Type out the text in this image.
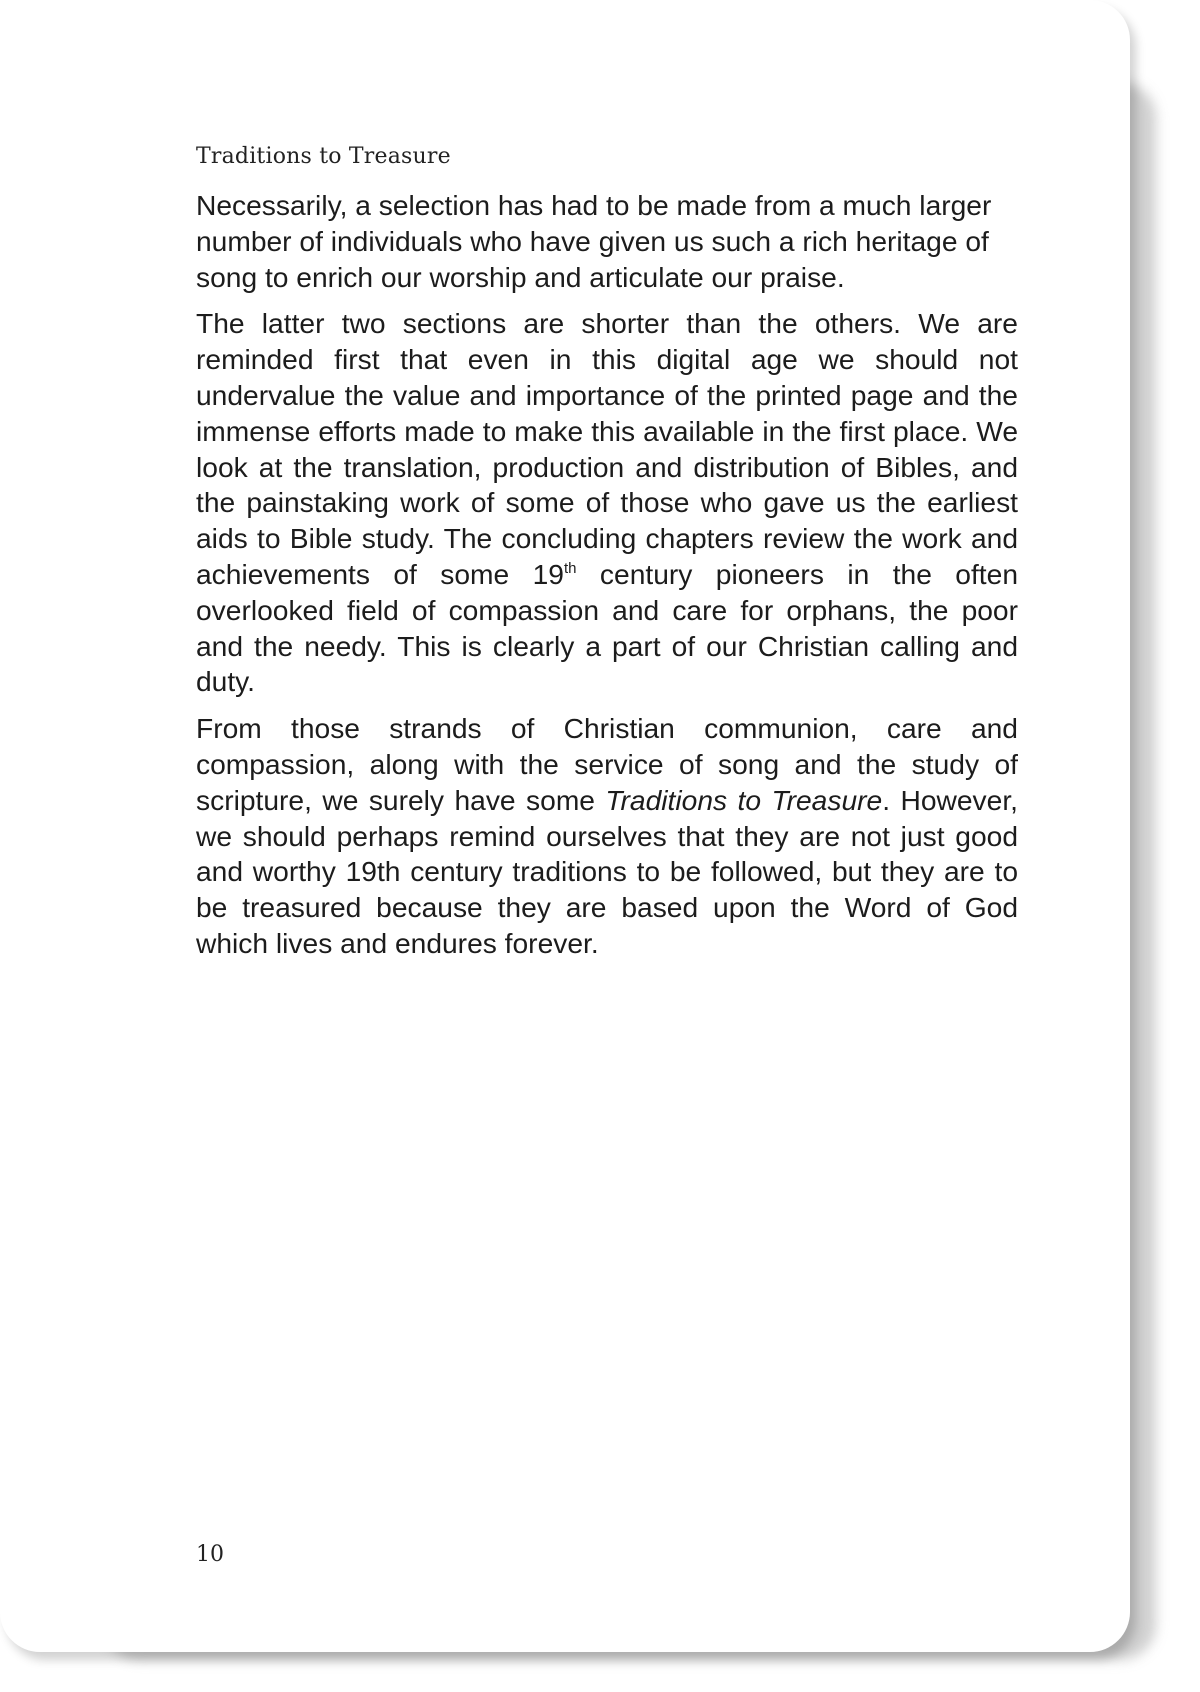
Traditions to Treasure

Necessarily, a selection has had to be made from a much larger number of individuals who have given us such a rich heritage of song to enrich our worship and articulate our praise.

The latter two sections are shorter than the others. We are reminded first that even in this digital age we should not undervalue the value and importance of the printed page and the immense efforts made to make this available in the first place. We look at the translation, production and distribution of Bibles, and the painstaking work of some of those who gave us the earliest aids to Bible study. The concluding chapters review the work and achievements of some 19th century pioneers in the often overlooked field of compassion and care for orphans, the poor and the needy. This is clearly a part of our Christian calling and duty.

From those strands of Christian communion, care and compassion, along with the service of song and the study of scripture, we surely have some Traditions to Treasure. However, we should perhaps remind ourselves that they are not just good and worthy 19th century traditions to be followed, but they are to be treasured because they are based upon the Word of God which lives and endures forever.

10
